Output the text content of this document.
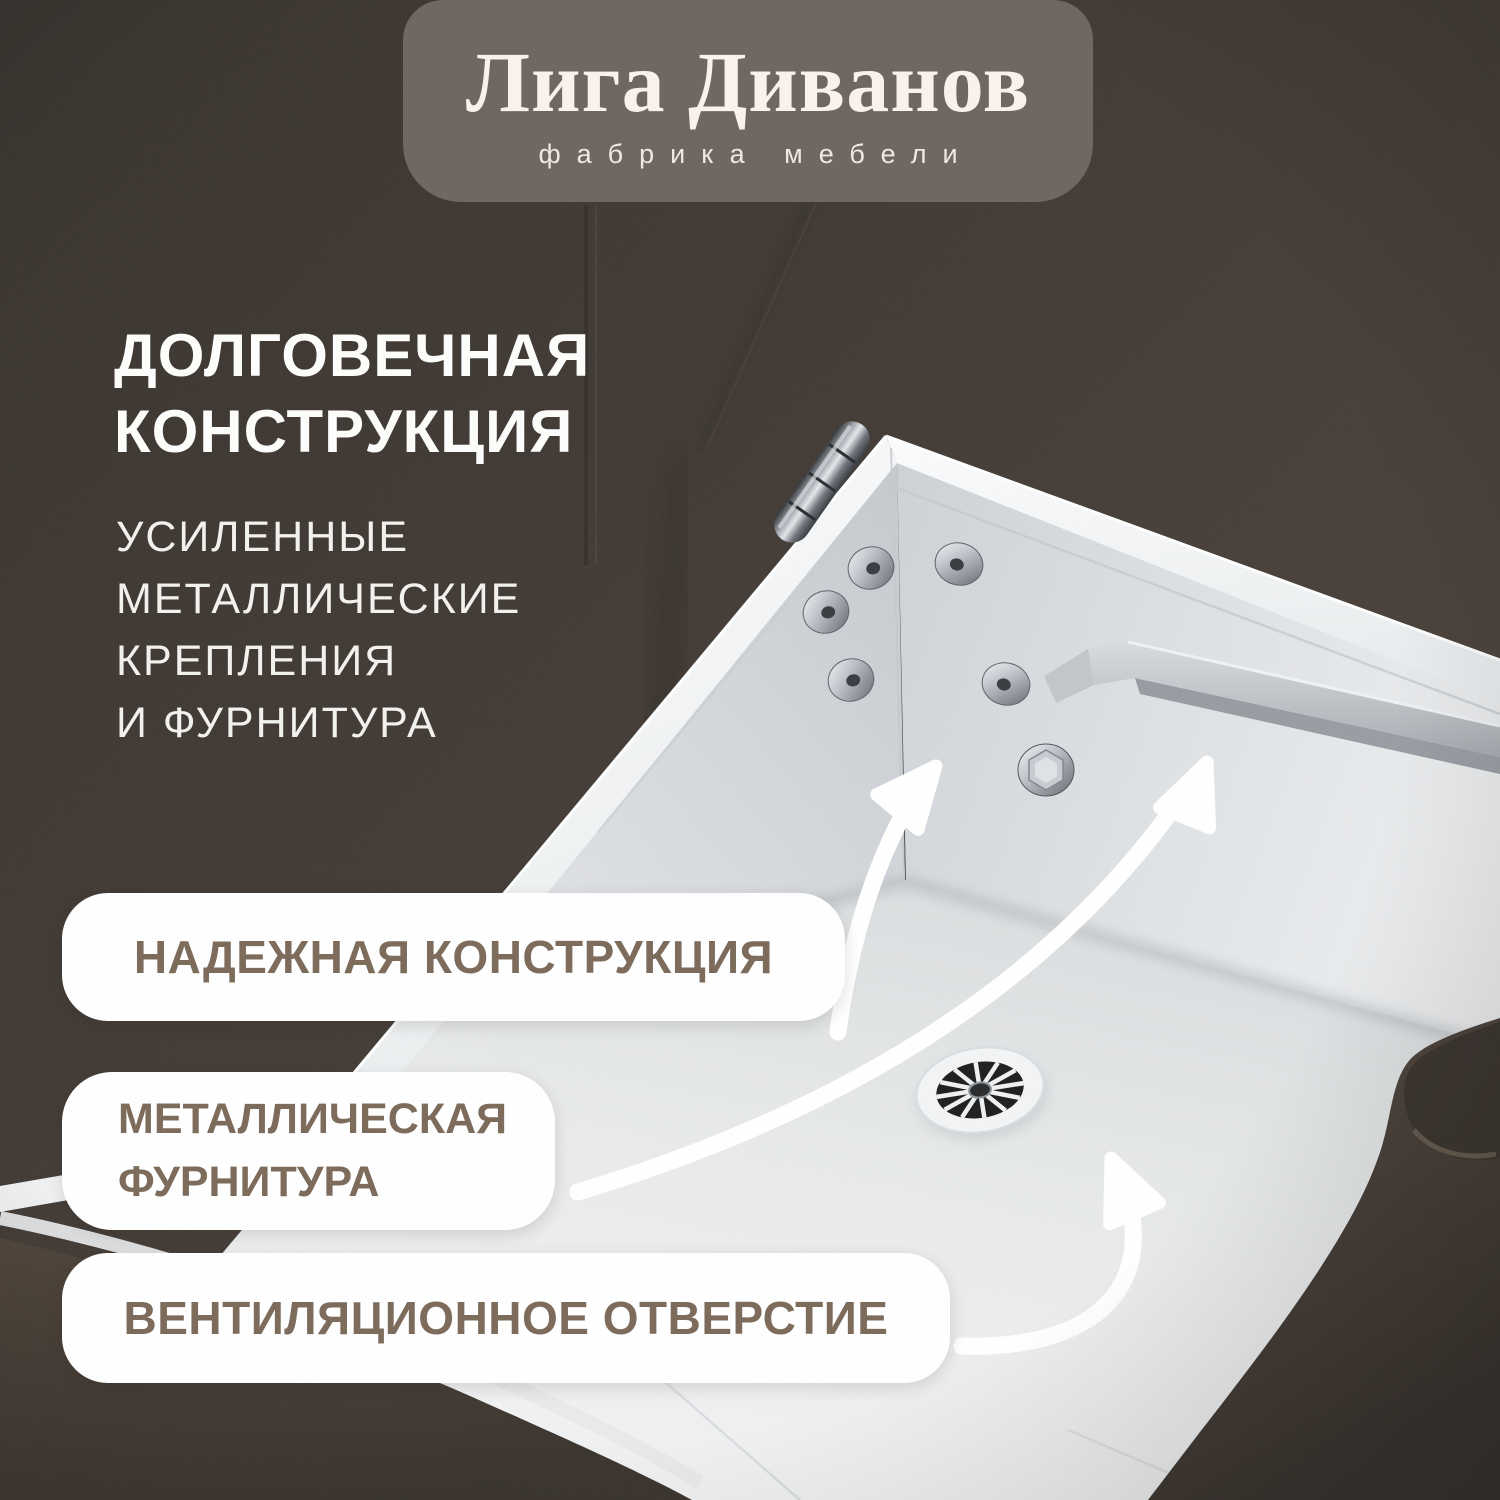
Лига Диванов
фабрика мебели
ДОЛГОВЕЧНАЯ
КОНСТРУКЦИЯ
УСИЛЕННЫЕ
МЕТАЛЛИЧЕСКИЕ
КРЕПЛЕНИЯ
И ФУРНИТУРА
НАДЕЖНАЯ КОНСТРУКЦИЯ
МЕТАЛЛИЧЕСКАЯ
ФУРНИТУРА
ВЕНТИЛЯЦИОННОЕ ОТВЕРСТИЕ
